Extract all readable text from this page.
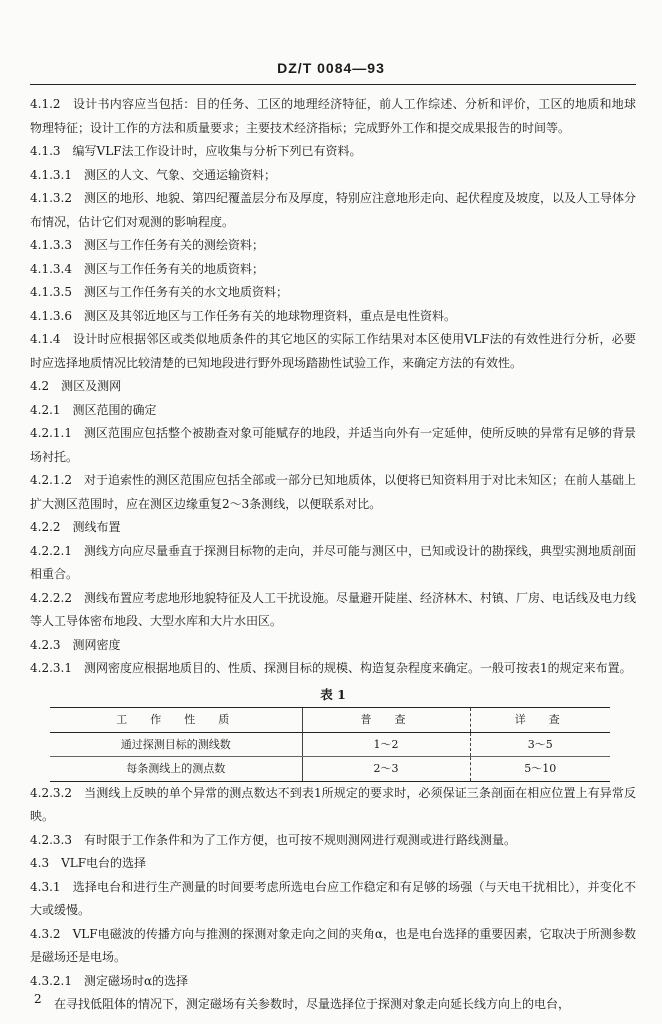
DZ/T 0084—93

4.1.2　设计书内容应当包括：目的任务、工区的地理经济特征，前人工作综述、分析和评价，工区的地质和地球物理特征；设计工作的方法和质量要求；主要技术经济指标；完成野外工作和提交成果报告的时间等。

4.1.3　编写VLF法工作设计时，应收集与分析下列已有资料。

4.1.3.1　测区的人文、气象、交通运输资料；

4.1.3.2　测区的地形、地貌、第四纪覆盖层分布及厚度，特别应注意地形走向、起伏程度及坡度，以及人工导体分布情况，估计它们对观测的影响程度。

4.1.3.3　测区与工作任务有关的测绘资料；

4.1.3.4　测区与工作任务有关的地质资料；

4.1.3.5　测区与工作任务有关的水文地质资料；

4.1.3.6　测区及其邻近地区与工作任务有关的地球物理资料，重点是电性资料。

4.1.4　设计时应根据邻区或类似地质条件的其它地区的实际工作结果对本区使用VLF法的有效性进行分析，必要时应选择地质情况比较清楚的已知地段进行野外现场踏勘性试验工作，来确定方法的有效性。

4.2　测区及测网

4.2.1　测区范围的确定

4.2.1.1　测区范围应包括整个被勘查对象可能赋存的地段，并适当向外有一定延伸，使所反映的异常有足够的背景场衬托。

4.2.1.2　对于追索性的测区范围应包括全部或一部分已知地质体，以便将已知资料用于对比未知区；在前人基础上扩大测区范围时，应在测区边缘重复2～3条测线，以便联系对比。

4.2.2　测线布置

4.2.2.1　测线方向应尽量垂直于探测目标物的走向，并尽可能与测区中，已知或设计的勘探线，典型实测地质剖面相重合。

4.2.2.2　测线布置应考虑地形地貌特征及人工干扰设施。尽量避开陡崖、经济林木、村镇、厂房、电话线及电力线等人工导体密布地段、大型水库和大片水田区。

4.2.3　测网密度

4.2.3.1　测网密度应根据地质目的、性质、探测目标的规模、构造复杂程度来确定。一般可按表1的规定来布置。

表 1
工　作　性　质	普　查	详　查
通过探测目标的测线数	1～2	3～5
每条测线上的测点数	2～3	5～10

4.2.3.2　当测线上反映的单个异常的测点数达不到表1所规定的要求时，必须保证三条剖面在相应位置上有异常反映。

4.2.3.3　有时限于工作条件和为了工作方便，也可按不规则测网进行观测或进行路线测量。

4.3　VLF电台的选择

4.3.1　选择电台和进行生产测量的时间要考虑所选电台应工作稳定和有足够的场强（与天电干扰相比），并变化不大或缓慢。

4.3.2　VLF电磁波的传播方向与推测的探测对象走向之间的夹角α，也是电台选择的重要因素，它取决于所测参数是磁场还是电场。

4.3.2.1　测定磁场时α的选择

在寻找低阻体的情况下，测定磁场有关参数时，尽量选择位于探测对象走向延长线方向上的电台，

2
